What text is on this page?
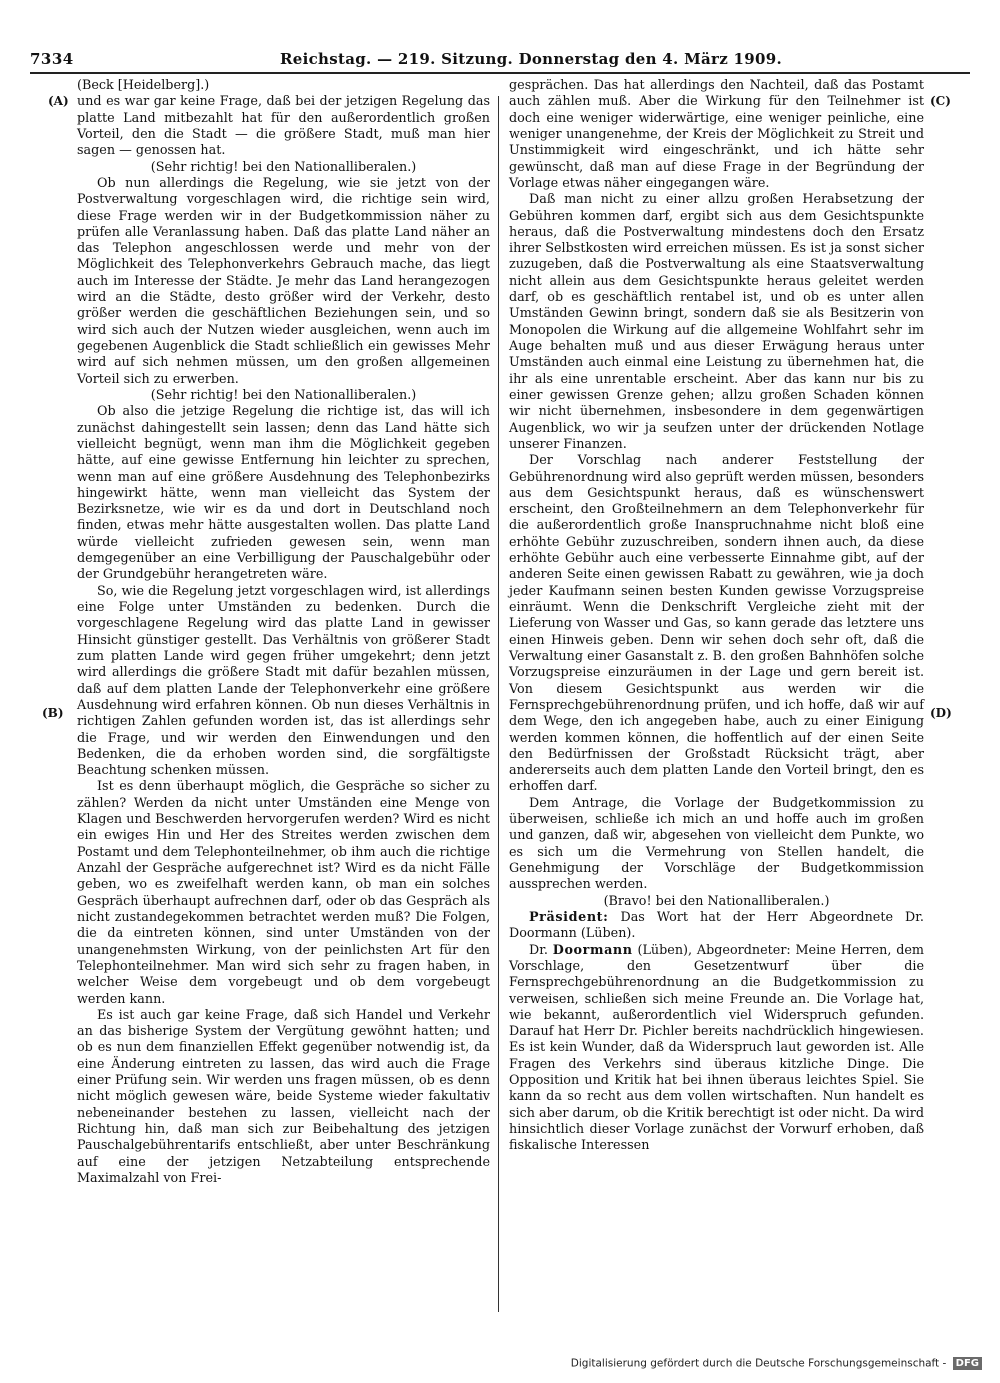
7334	Reichstag. — 219. Sitzung. Donnerstag den 4. März 1909.
(A)
(B)
(C)
(D)

(Beck [Heidelberg].)

und es war gar keine Frage, daß bei der jetzigen Regelung das platte Land mitbezahlt hat für den außerordentlich großen Vorteil, den die Stadt — die größere Stadt, muß man hier sagen — genossen hat.

(Sehr richtig! bei den Nationalliberalen.)

Ob nun allerdings die Regelung, wie sie jetzt von der Postverwaltung vorgeschlagen wird, die richtige sein wird, diese Frage werden wir in der Budgetkommission näher zu prüfen alle Veranlassung haben. Daß das platte Land näher an das Telephon angeschlossen werde und mehr von der Möglichkeit des Telephonverkehrs Gebrauch mache, das liegt auch im Interesse der Städte. Je mehr das Land herangezogen wird an die Städte, desto größer wird der Verkehr, desto größer werden die geschäftlichen Beziehungen sein, und so wird sich auch der Nutzen wieder ausgleichen, wenn auch im gegebenen Augenblick die Stadt schließlich ein gewisses Mehr wird auf sich nehmen müssen, um den großen allgemeinen Vorteil sich zu erwerben.

(Sehr richtig! bei den Nationalliberalen.)

Ob also die jetzige Regelung die richtige ist, das will ich zunächst dahingestellt sein lassen; denn das Land hätte sich vielleicht begnügt, wenn man ihm die Möglichkeit gegeben hätte, auf eine gewisse Entfernung hin leichter zu sprechen, wenn man auf eine größere Ausdehnung des Telephonbezirks hingewirkt hätte, wenn man vielleicht das System der Bezirksnetze, wie wir es da und dort in Deutschland noch finden, etwas mehr hätte ausgestalten wollen. Das platte Land würde vielleicht zufrieden gewesen sein, wenn man demgegenüber an eine Verbilligung der Pauschalgebühr oder der Grundgebühr herangetreten wäre.

So, wie die Regelung jetzt vorgeschlagen wird, ist allerdings eine Folge unter Umständen zu bedenken. Durch die vorgeschlagene Regelung wird das platte Land in gewisser Hinsicht günstiger gestellt. Das Verhältnis von größerer Stadt zum platten Lande wird gegen früher umgekehrt; denn jetzt wird allerdings die größere Stadt mit dafür bezahlen müssen, daß auf dem platten Lande der Telephonverkehr eine größere Ausdehnung wird erfahren können. Ob nun dieses Verhältnis in richtigen Zahlen gefunden worden ist, das ist allerdings sehr die Frage, und wir werden den Einwendungen und den Bedenken, die da erhoben worden sind, die sorgfältigste Beachtung schenken müssen.

Ist es denn überhaupt möglich, die Gespräche so sicher zu zählen? Werden da nicht unter Umständen eine Menge von Klagen und Beschwerden hervorgerufen werden? Wird es nicht ein ewiges Hin und Her des Streites werden zwischen dem Postamt und dem Telephonteilnehmer, ob ihm auch die richtige Anzahl der Gespräche aufgerechnet ist? Wird es da nicht Fälle geben, wo es zweifelhaft werden kann, ob man ein solches Gespräch überhaupt aufrechnen darf, oder ob das Gespräch als nicht zustandegekommen betrachtet werden muß? Die Folgen, die da eintreten können, sind unter Umständen von der unangenehmsten Wirkung, von der peinlichsten Art für den Telephonteilnehmer. Man wird sich sehr zu fragen haben, in welcher Weise dem vorgebeugt und ob dem vorgebeugt werden kann.

Es ist auch gar keine Frage, daß sich Handel und Verkehr an das bisherige System der Vergütung gewöhnt hatten; und ob es nun dem finanziellen Effekt gegenüber notwendig ist, da eine Änderung eintreten zu lassen, das wird auch die Frage einer Prüfung sein. Wir werden uns fragen müssen, ob es denn nicht möglich gewesen wäre, beide Systeme wieder fakultativ nebeneinander bestehen zu lassen, vielleicht nach der Richtung hin, daß man sich zur Beibehaltung des jetzigen Pauschalgebührentarifs entschließt, aber unter Beschränkung auf eine der jetzigen Netzabteilung entsprechende Maximalzahl von Frei-

gesprächen. Das hat allerdings den Nachteil, daß das Postamt auch zählen muß. Aber die Wirkung für den Teilnehmer ist doch eine weniger widerwärtige, eine weniger peinliche, eine weniger unangenehme, der Kreis der Möglichkeit zu Streit und Unstimmigkeit wird eingeschränkt, und ich hätte sehr gewünscht, daß man auf diese Frage in der Begründung der Vorlage etwas näher eingegangen wäre.

Daß man nicht zu einer allzu großen Herabsetzung der Gebühren kommen darf, ergibt sich aus dem Gesichtspunkte heraus, daß die Postverwaltung mindestens doch den Ersatz ihrer Selbstkosten wird erreichen müssen. Es ist ja sonst sicher zuzugeben, daß die Postverwaltung als eine Staatsverwaltung nicht allein aus dem Gesichtspunkte heraus geleitet werden darf, ob es geschäftlich rentabel ist, und ob es unter allen Umständen Gewinn bringt, sondern daß sie als Besitzerin von Monopolen die Wirkung auf die allgemeine Wohlfahrt sehr im Auge behalten muß und aus dieser Erwägung heraus unter Umständen auch einmal eine Leistung zu übernehmen hat, die ihr als eine unrentable erscheint. Aber das kann nur bis zu einer gewissen Grenze gehen; allzu großen Schaden können wir nicht übernehmen, insbesondere in dem gegenwärtigen Augenblick, wo wir ja seufzen unter der drückenden Notlage unserer Finanzen.

Der Vorschlag nach anderer Feststellung der Gebührenordnung wird also geprüft werden müssen, besonders aus dem Gesichtspunkt heraus, daß es wünschenswert erscheint, den Großteilnehmern an dem Telephonverkehr für die außerordentlich große Inanspruchnahme nicht bloß eine erhöhte Gebühr zuzuschreiben, sondern ihnen auch, da diese erhöhte Gebühr auch eine verbesserte Einnahme gibt, auf der anderen Seite einen gewissen Rabatt zu gewähren, wie ja doch jeder Kaufmann seinen besten Kunden gewisse Vorzugspreise einräumt. Wenn die Denkschrift Vergleiche zieht mit der Lieferung von Wasser und Gas, so kann gerade das letztere uns einen Hinweis geben. Denn wir sehen doch sehr oft, daß die Verwaltung einer Gasanstalt z. B. den großen Bahnhöfen solche Vorzugspreise einzuräumen in der Lage und gern bereit ist. Von diesem Gesichtspunkt aus werden wir die Fernsprechgebührenordnung prüfen, und ich hoffe, daß wir auf dem Wege, den ich angegeben habe, auch zu einer Einigung werden kommen können, die hoffentlich auf der einen Seite den Bedürfnissen der Großstadt Rücksicht trägt, aber andererseits auch dem platten Lande den Vorteil bringt, den es erhoffen darf.

Dem Antrage, die Vorlage der Budgetkommission zu überweisen, schließe ich mich an und hoffe auch im großen und ganzen, daß wir, abgesehen von vielleicht dem Punkte, wo es sich um die Vermehrung von Stellen handelt, die Genehmigung der Vorschläge der Budgetkommission aussprechen werden.

(Bravo! bei den Nationalliberalen.)

Präsident: Das Wort hat der Herr Abgeordnete Dr. Doormann (Lüben).

Dr. Doormann (Lüben), Abgeordneter: Meine Herren, dem Vorschlage, den Gesetzentwurf über die Fernsprechgebührenordnung an die Budgetkommission zu verweisen, schließen sich meine Freunde an. Die Vorlage hat, wie bekannt, außerordentlich viel Widerspruch gefunden. Darauf hat Herr Dr. Pichler bereits nachdrücklich hingewiesen. Es ist kein Wunder, daß da Widerspruch laut geworden ist. Alle Fragen des Verkehrs sind überaus kitzliche Dinge. Die Opposition und Kritik hat bei ihnen überaus leichtes Spiel. Sie kann da so recht aus dem vollen wirtschaften. Nun handelt es sich aber darum, ob die Kritik berechtigt ist oder nicht. Da wird hinsichtlich dieser Vorlage zunächst der Vorwurf erhoben, daß fiskalische Interessen

Digitalisierung gefördert durch die Deutsche Forschungsgemeinschaft - DFG
